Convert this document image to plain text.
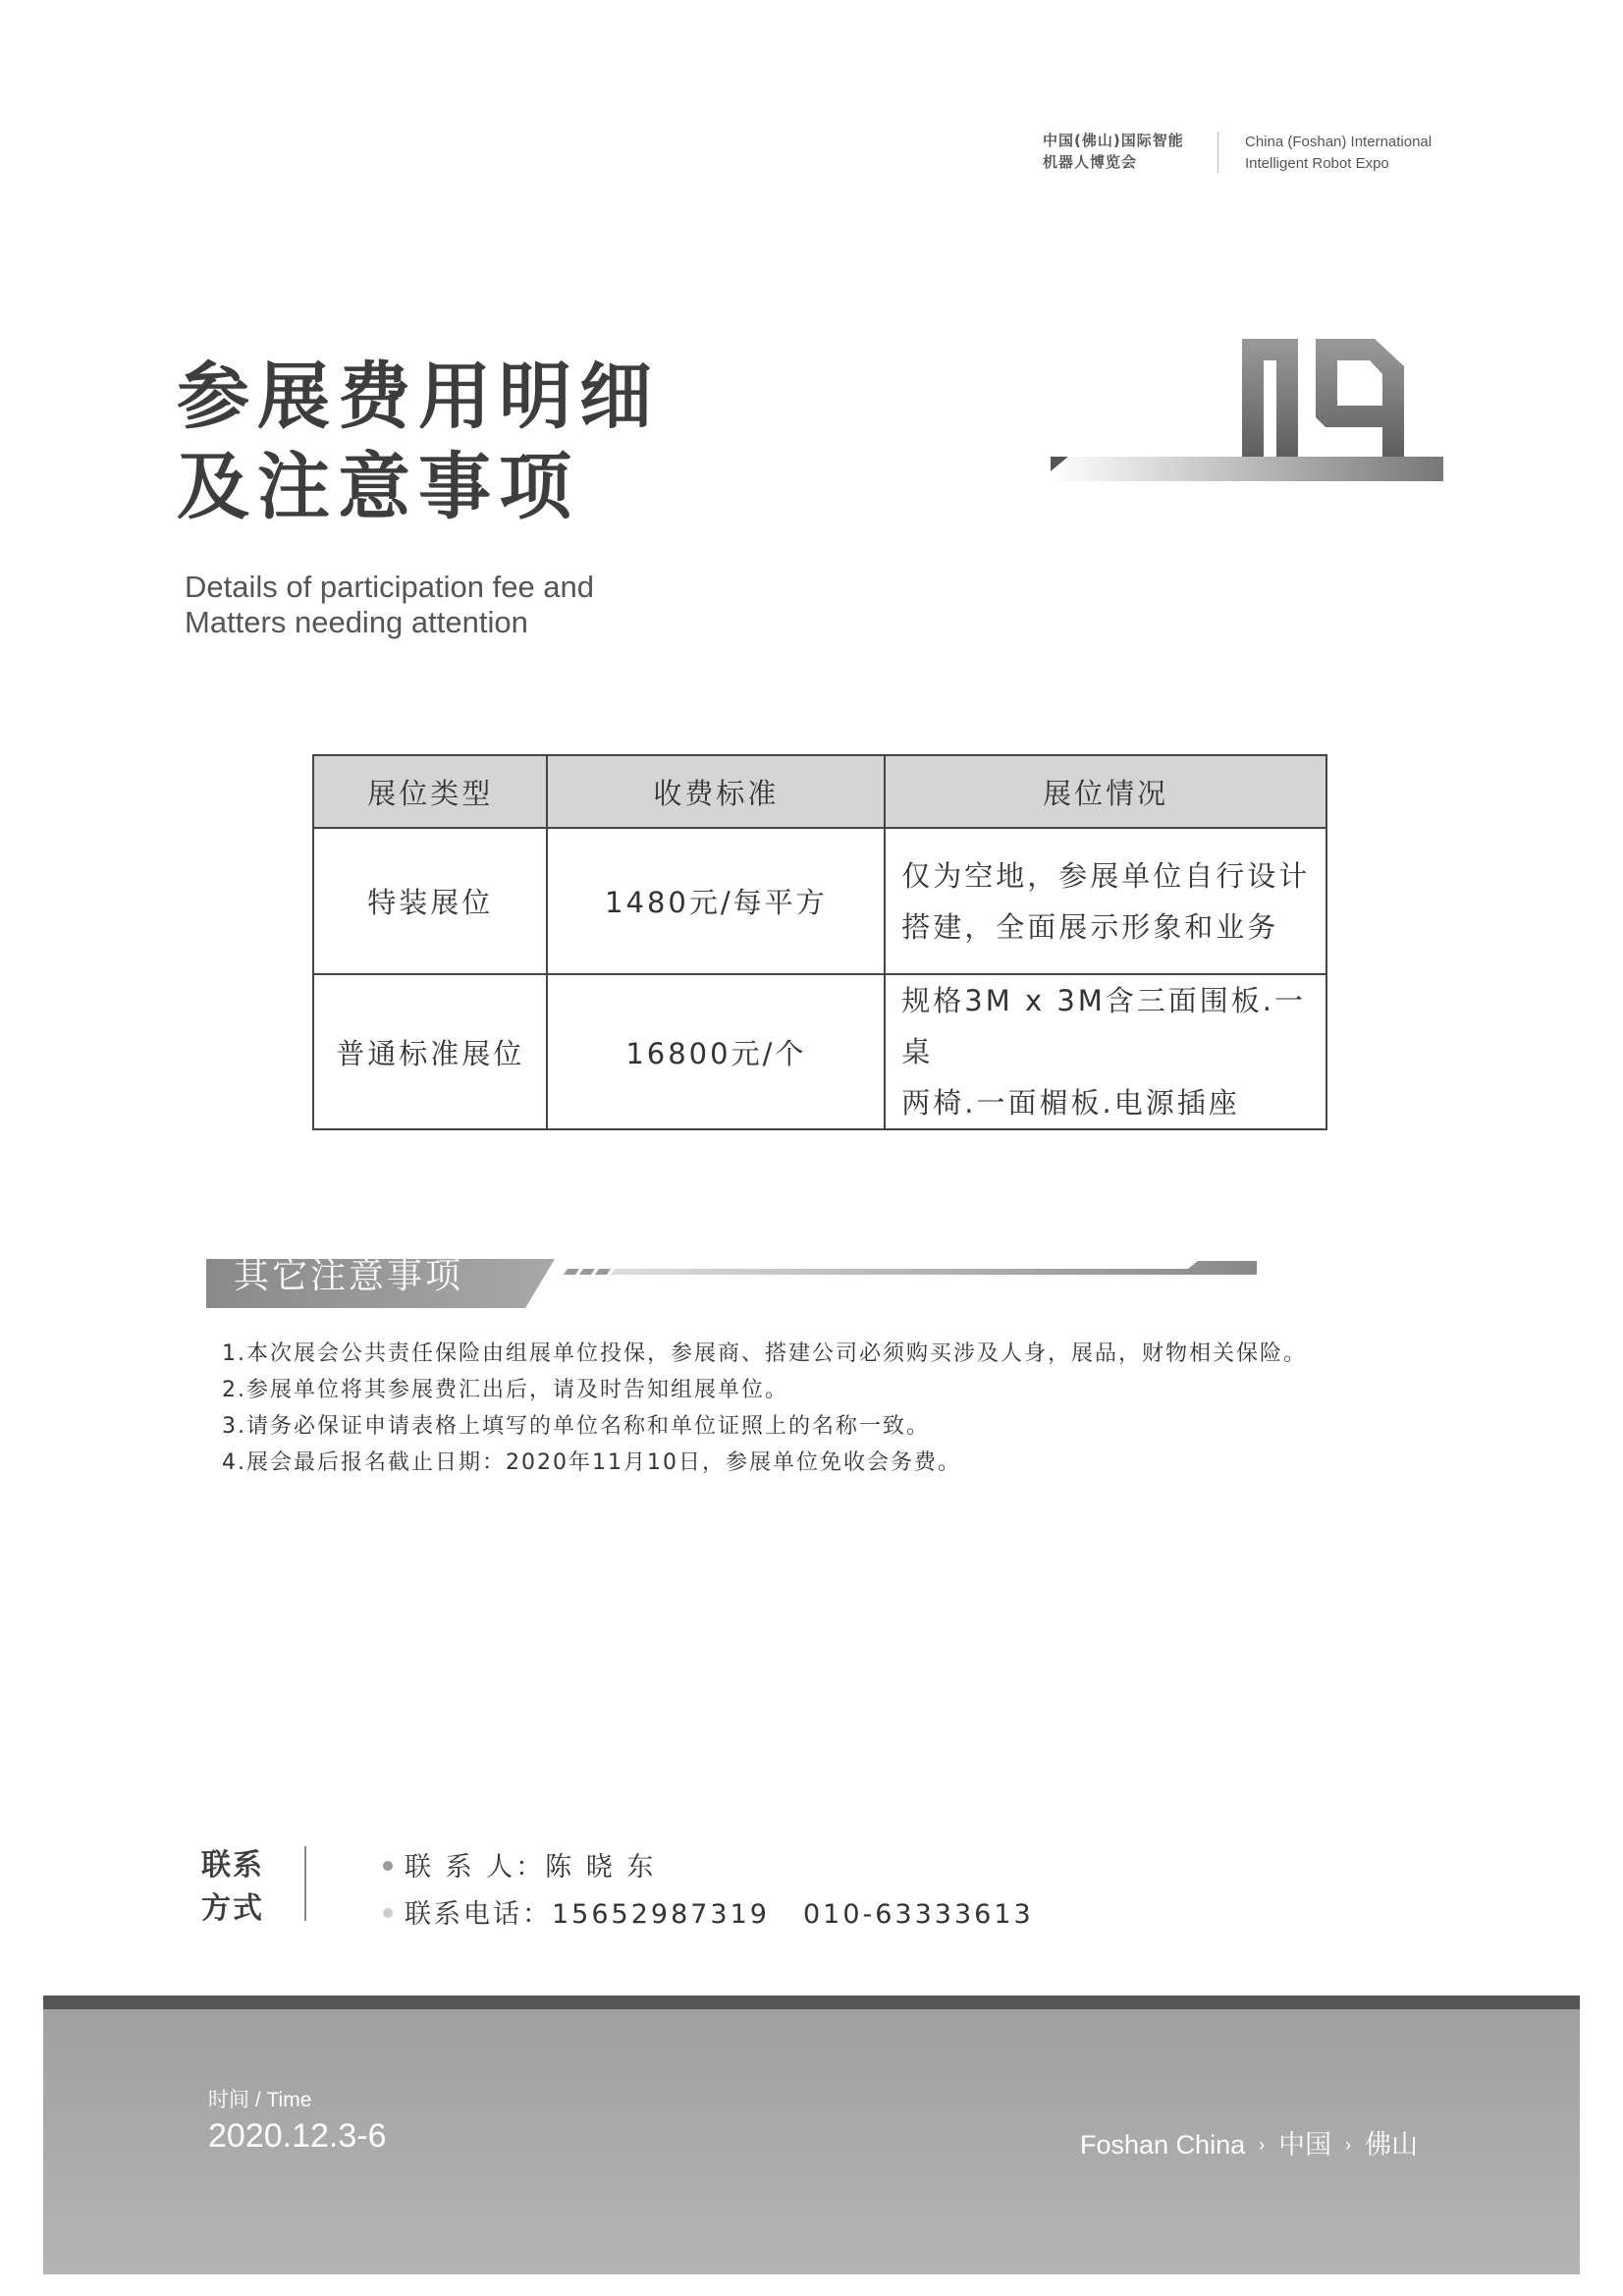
中国(佛山)国际智能
机器人博览会
China (Foshan) International
Intelligent Robot Expo
参展费用明细
及注意事项
Details of participation fee and
Matters needing attention
展位类型	收费标准	展位情况
特装展位	1480元/每平方	仅为空地，参展单位自行设计
搭建，全面展示形象和业务

普通标准展位	16800元/个	规格3M x 3M含三面围板.一桌
两椅.一面楣板.电源插座
其它注意事项
1.本次展会公共责任保险由组展单位投保，参展商、搭建公司必须购买涉及人身，展品，财物相关保险。
2.参展单位将其参展费汇出后，请及时告知组展单位。
3.请务必保证申请表格上填写的单位名称和单位证照上的名称一致。
4.展会最后报名截止日期：2020年11月10日，参展单位免收会务费。
联系
方式
联 系 人：陈 晓 东
联系电话：15652987319 010-63333613
时间 / Time
2020.12.3-6	Foshan China › 中国 › 佛山
